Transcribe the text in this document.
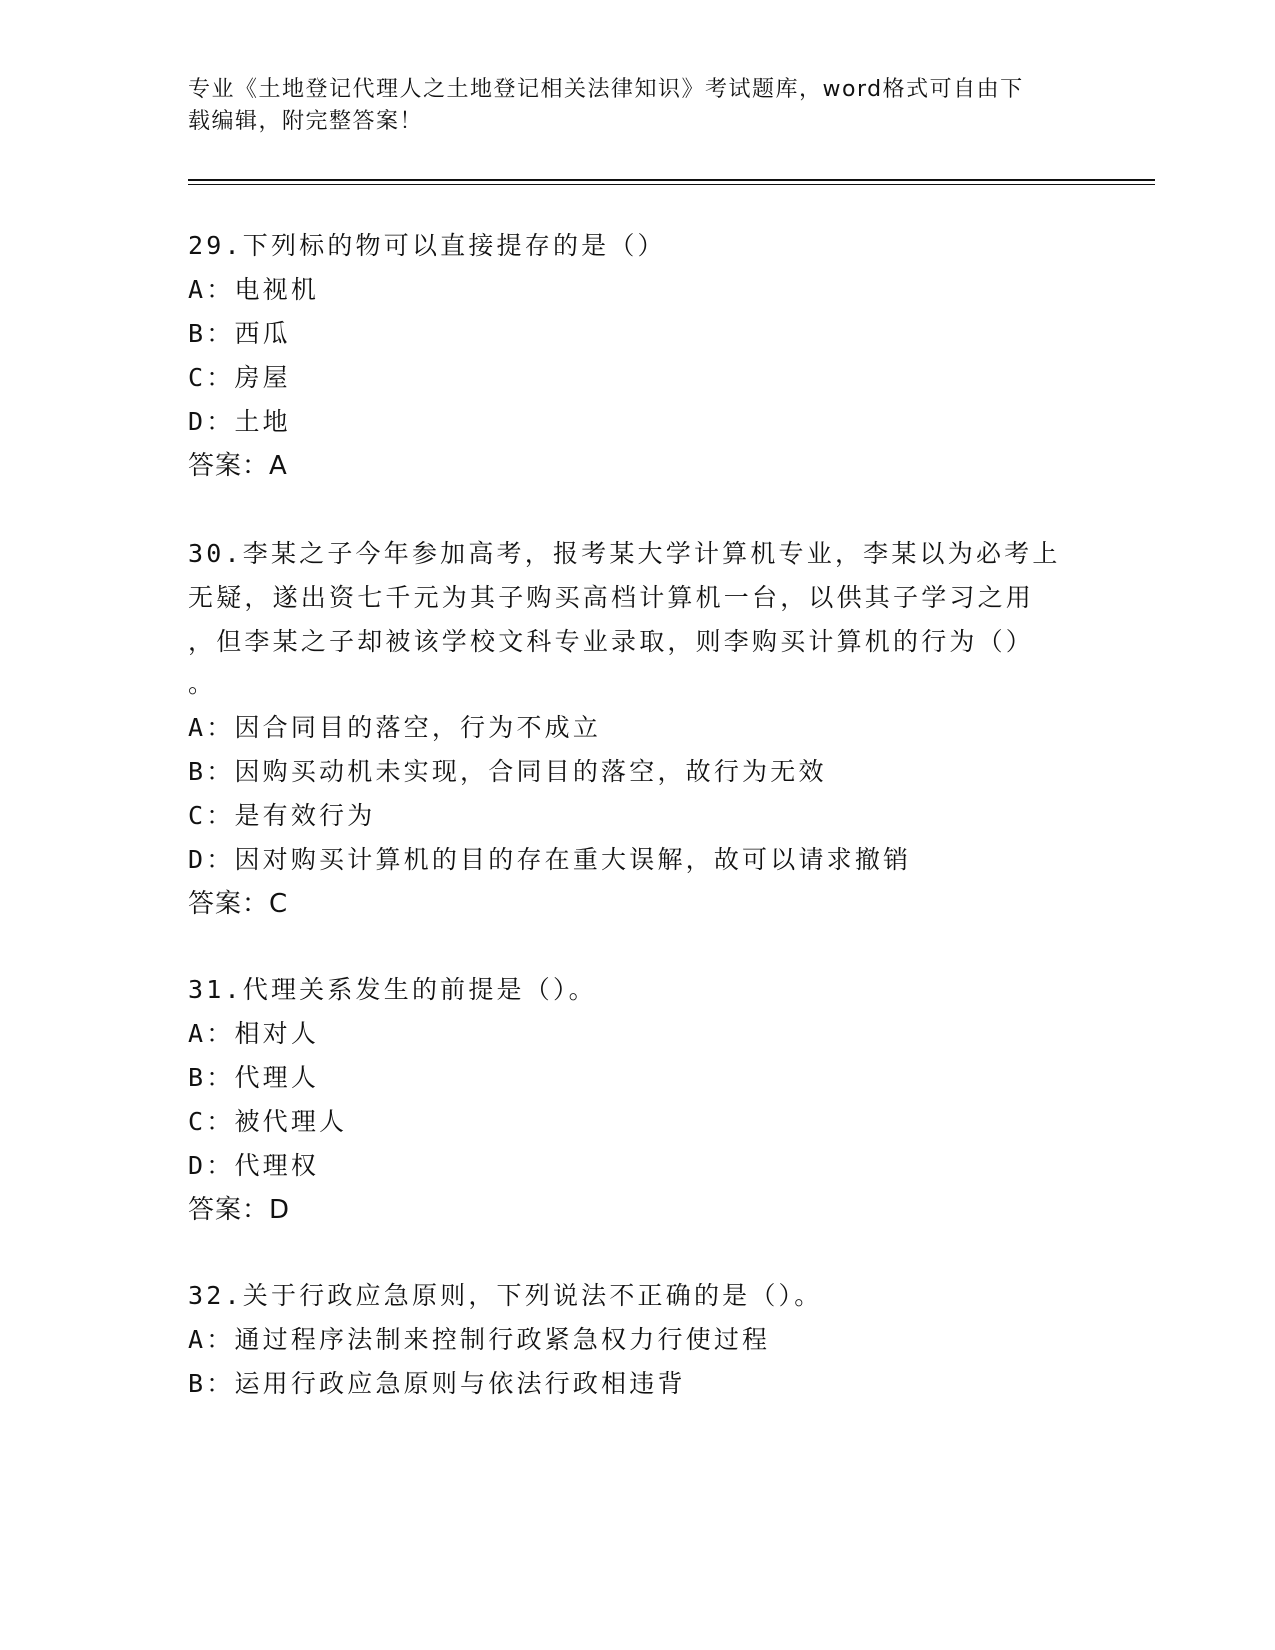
专业《土地登记代理人之土地登记相关法律知识》考试题库，word格式可自由下
载编辑，附完整答案！
29.下列标的物可以直接提存的是（）
A：电视机
B：西瓜
C：房屋
D：土地
答案：A
30.李某之子今年参加高考，报考某大学计算机专业，李某以为必考上
无疑，遂出资七千元为其子购买高档计算机一台，以供其子学习之用
，但李某之子却被该学校文科专业录取，则李购买计算机的行为（）
。
A：因合同目的落空，行为不成立
B：因购买动机未实现，合同目的落空，故行为无效
C：是有效行为
D：因对购买计算机的目的存在重大误解，故可以请求撤销
答案：C
31.代理关系发生的前提是（）。
A：相对人
B：代理人
C：被代理人
D：代理权
答案：D
32.关于行政应急原则，下列说法不正确的是（）。
A：通过程序法制来控制行政紧急权力行使过程
B：运用行政应急原则与依法行政相违背
